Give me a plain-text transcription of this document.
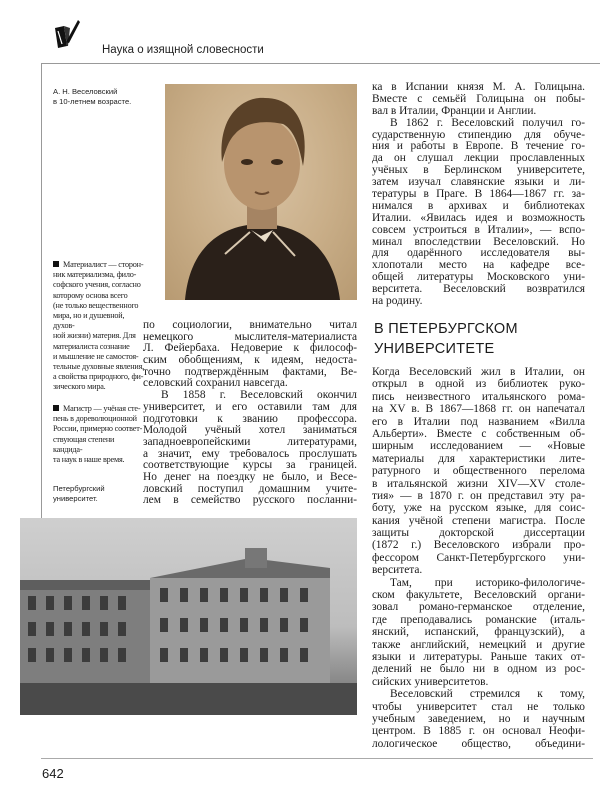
Наука о изящной словесности
А. Н. Веселовский
в 10-летнем возрасте.
Материалист — сторон-
ник материализма, фило-
софского учения, согласно
которому основа всего
(не только вещественного
мира, но и душевной, духов-
ной жизни) материя. Для
материалиста сознание
и мышление не самостоя-
тельные духовные явления,
а свойства природного, фи-
зического мира.
Магистр — учёная сте-
пень в дореволюционной
России, примерно соответ-
ствующая степени кандида-
та наук в наше время.
Петербургский
университет.
по социологии, внимательно читал
немецкого мыслителя-материалиста
Л. Фейербаха. Недоверие к философ-
ским обобщениям, к идеям, недоста-
точно подтверждённым фактами, Ве-
селовский сохранил навсегда.
В 1858 г. Веселовский окончил
университет, и его оставили там для
подготовки к званию профессора.
Молодой учёный хотел заниматься
западноевропейскими литературами,
а значит, ему требовалось прослушать
соответствующие курсы за границей.
Но денег на поездку не было, и Весе-
ловский поступил домашним учите-
лем в семейство русского посланни-
ка в Испании князя М. А. Голицына.
Вместе с семьёй Голицына он побы-
вал в Италии, Франции и Англии.
В 1862 г. Веселовский получил го-
сударственную стипендию для обуче-
ния и работы в Европе. В течение го-
да он слушал лекции прославленных
учёных в Берлинском университете,
затем изучал славянские языки и ли-
тературы в Праге. В 1864—1867 гг. за-
нимался в архивах и библиотеках
Италии. «Явилась идея и возможность
совсем устроиться в Италии», — вспо-
минал впоследствии Веселовский. Но
для одарённого исследователя вы-
хлопотали место на кафедре все-
общей литературы Московского уни-
верситета. Веселовский возвратился
на родину.
В ПЕТЕРБУРГСКОМ
УНИВЕРСИТЕТЕ
Когда Веселовский жил в Италии, он
открыл в одной из библиотек руко-
пись неизвестного итальянского рома-
на XV в. В 1867—1868 гг. он напечатал
его в Италии под названием «Вилла
Альберти». Вместе с собственным об-
ширным исследованием — «Новые
материалы для характеристики лите-
ратурного и общественного перелома
в итальянской жизни XIV—XV столе-
тия» — в 1870 г. он представил эту ра-
боту, уже на русском языке, для соис-
кания учёной степени магистра. После
защиты докторской диссертации
(1872 г.) Веселовского избрали про-
фессором Санкт-Петербургского уни-
верситета.
Там, при историко-филологиче-
ском факультете, Веселовский органи-
зовал романо-германское отделение,
где преподавались романские (италь-
янский, испанский, французский), а
также английский, немецкий и другие
языки и литературы. Раньше таких от-
делений не было ни в одном из рос-
сийских университетов.
Веселовский стремился к тому,
чтобы университет стал не только
учебным заведением, но и научным
центром. В 1885 г. он основал Неофи-
лологическое общество, объедини-
642
